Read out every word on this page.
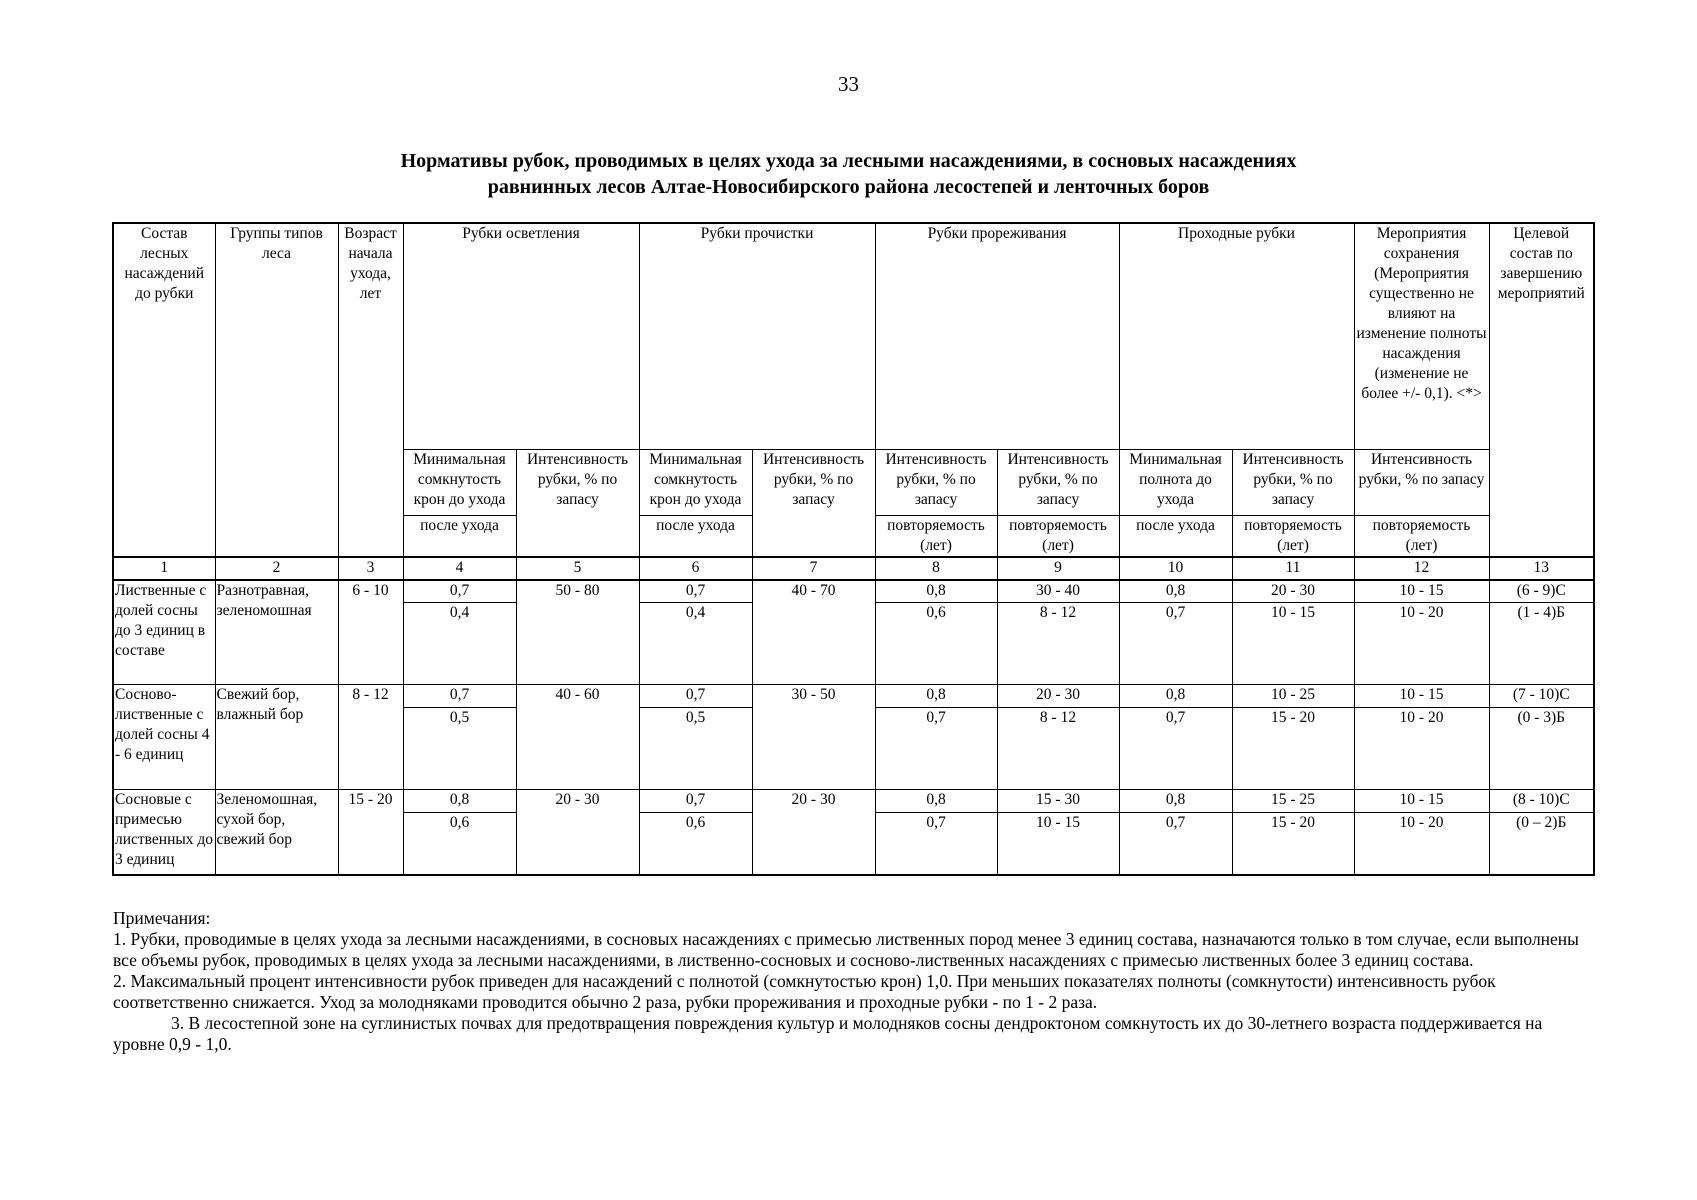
33
Нормативы рубок, проводимых в целях ухода за лесными насаждениями, в сосновых насаждениях
равнинных лесов Алтае-Новосибирского района лесостепей и ленточных боров
Состав лесных насаждений до рубки	Группы типов леса	Возраст начала ухода, лет	Рубки осветления		Рубки прочистки		Рубки прореживания		Проходные рубки		Мероприятия сохранения (Мероприятия существенно не влияют на изменение полноты насаждения (изменение не более +/- 0,1). <*>	Целевой состав по завершению мероприятий
			Минимальная сомкнутость крон до ухода	Интенсивность рубки, % по запасу	Минимальная сомкнутость крон до ухода	Интенсивность рубки, % по запасу	Интенсивность рубки, % по запасу	Интенсивность рубки, % по запасу	Минимальная полнота до ухода	Интенсивность рубки, % по запасу	Интенсивность рубки, % по запасу	
			после ухода		после ухода		повторяемость (лет)	повторяемость (лет)	после ухода	повторяемость (лет)	повторяемость (лет)	
1	2	3	4	5	6	7	8	9	10	11	12	13
Лиственные с долей сосны до 3 единиц в составе	Разнотравная, зеленомошная	6 - 10	0,7	50 - 80	0,7	40 - 70	0,8	30 - 40	0,8	20 - 30	10 - 15	(6 - 9)С
			0,4		0,4		0,6	8 - 12	0,7	10 - 15	10 - 20	(1 - 4)Б
Сосново-лиственные с долей сосны 4 - 6 единиц	Свежий бор, влажный бор	8 - 12	0,7	40 - 60	0,7	30 - 50	0,8	20 - 30	0,8	10 - 25	10 - 15	(7 - 10)С
			0,5		0,5		0,7	8 - 12	0,7	15 - 20	10 - 20	(0 - 3)Б
Сосновые с примесью лиственных до 3 единиц	Зеленомошная, сухой бор, свежий бор	15 - 20	0,8	20 - 30	0,7	20 - 30	0,8	15 - 30	0,8	15 - 25	10 - 15	(8 - 10)С
			0,6		0,6		0,7	10 - 15	0,7	15 - 20	10 - 20	(0 – 2)Б

Примечания:

1. Рубки, проводимые в целях ухода за лесными насаждениями, в сосновых насаждениях с примесью лиственных пород менее 3 единиц состава, назначаются только в том случае, если выполнены все объемы рубок, проводимых в целях ухода за лесными насаждениями, в лиственно-сосновых и сосново-лиственных насаждениях с примесью лиственных более 3 единиц состава.

2. Максимальный процент интенсивности рубок приведен для насаждений с полнотой (сомкнутостью крон) 1,0. При меньших показателях полноты (сомкнутости) интенсивность рубок соответственно снижается. Уход за молодняками проводится обычно 2 раза, рубки прореживания и проходные рубки - по 1 - 2 раза.

3. В лесостепной зоне на суглинистых почвах для предотвращения повреждения культур и молодняков сосны дендроктоном сомкнутость их до 30-летнего возраста поддерживается на уровне 0,9 - 1,0.
